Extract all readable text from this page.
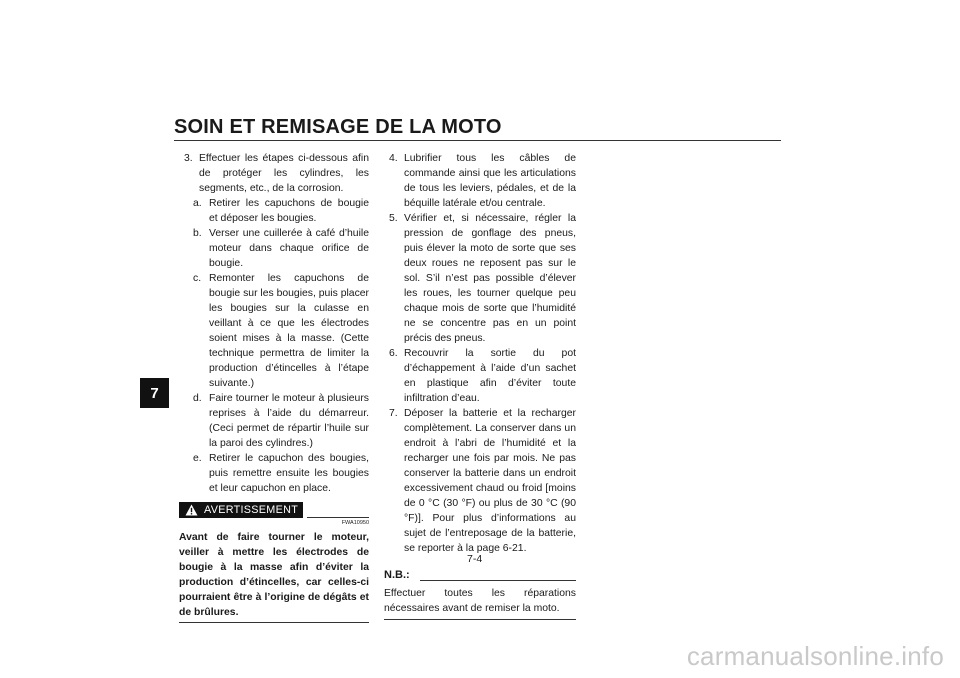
SOIN ET REMISAGE DE LA MOTO
7
3. Effectuer les étapes ci-dessous afin de protéger les cylindres, les segments, etc., de la corrosion.
a. Retirer les capuchons de bougie et déposer les bougies.
b. Verser une cuillerée à café d’huile moteur dans chaque orifice de bougie.
c. Remonter les capuchons de bougie sur les bougies, puis placer les bougies sur la culasse en veillant à ce que les électrodes soient mises à la masse. (Cette technique permettra de limiter la production d’étincelles à l’étape suivante.)
d. Faire tourner le moteur à plusieurs reprises à l’aide du démarreur. (Ceci permet de répartir l’huile sur la paroi des cylindres.)
e. Retirer le capuchon des bougies, puis remettre ensuite les bougies et leur capuchon en place.
AVERTISSEMENT
FWA10950
Avant de faire tourner le moteur, veiller à mettre les électrodes de bougie à la masse afin d’éviter la production d’étincelles, car celles-ci pourraient être à l’origine de dégâts et de brûlures.
4. Lubrifier tous les câbles de commande ainsi que les articulations de tous les leviers, pédales, et de la béquille latérale et/ou centrale.
5. Vérifier et, si nécessaire, régler la pression de gonflage des pneus, puis élever la moto de sorte que ses deux roues ne reposent pas sur le sol. S’il n’est pas possible d’élever les roues, les tourner quelque peu chaque mois de sorte que l’humidité ne se concentre pas en un point précis des pneus.
6. Recouvrir la sortie du pot d’échappement à l’aide d’un sachet en plastique afin d’éviter toute infiltration d’eau.
7. Déposer la batterie et la recharger complètement. La conserver dans un endroit à l’abri de l’humidité et la recharger une fois par mois. Ne pas conserver la batterie dans un endroit excessivement chaud ou froid [moins de 0 °C (30 °F) ou plus de 30 °C (90 °F)]. Pour plus d’informations au sujet de l’entreposage de la batterie, se reporter à la page 6-21.
N.B.:
Effectuer toutes les réparations nécessaires avant de remiser la moto.
7-4
carmanualsonline.info
